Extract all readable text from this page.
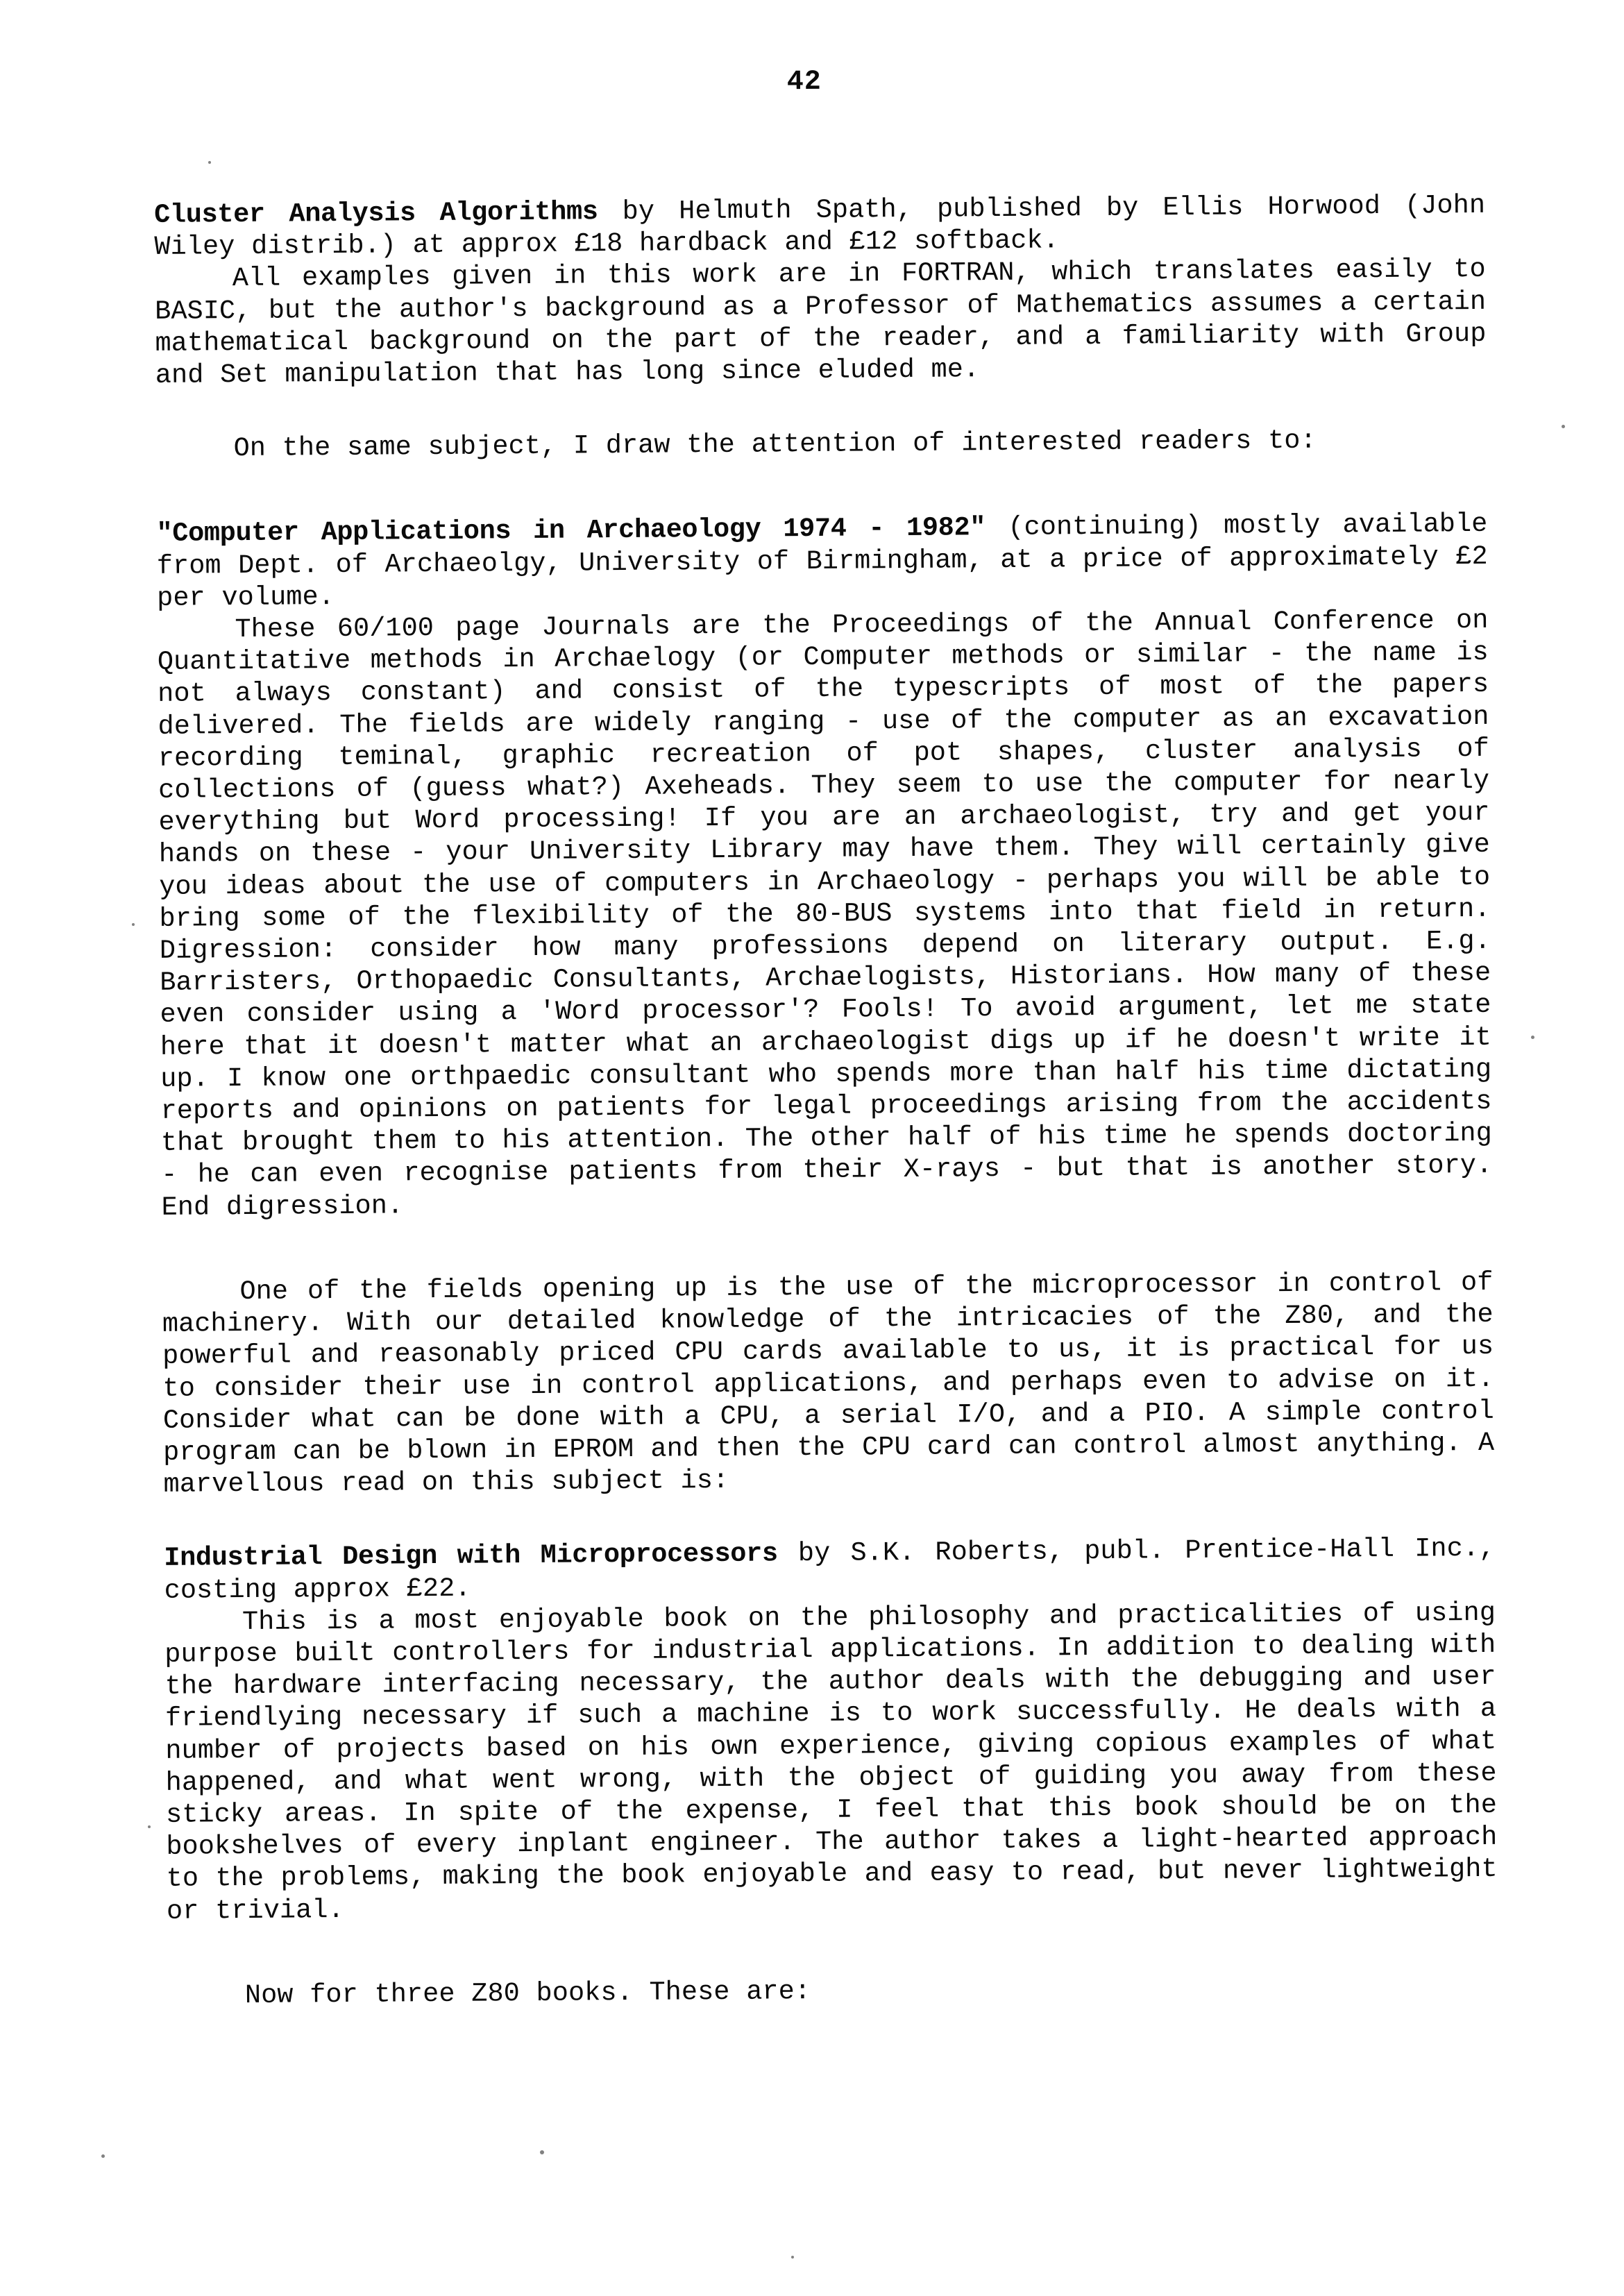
42

Cluster Analysis Algorithms by Helmuth Spath, published by Ellis Horwood (John Wiley distrib.) at approx £18 hardback and £12 softback.

All examples given in this work are in FORTRAN, which translates easily to BASIC, but the author's background as a Professor of Mathematics assumes a certain mathematical background on the part of the reader, and a familiarity with Group and Set manipulation that has long since eluded me.

On the same subject, I draw the attention of interested readers to:

"Computer Applications in Archaeology 1974 - 1982" (continuing) mostly available from Dept. of Archaeolgy, University of Birmingham, at a price of approximately £2 per volume.

These 60/100 page Journals are the Proceedings of the Annual Conference on Quantitative methods in Archaelogy (or Computer methods or similar - the name is not always constant) and consist of the typescripts of most of the papers delivered. The fields are widely ranging - use of the computer as an excavation recording teminal, graphic recreation of pot shapes, cluster analysis of collections of (guess what?) Axeheads. They seem to use the computer for nearly everything but Word processing! If you are an archaeologist, try and get your hands on these - your University Library may have them. They will certainly give you ideas about the use of computers in Archaeology - perhaps you will be able to bring some of the flexibility of the 80-BUS systems into that field in return. Digression: consider how many professions depend on literary output. E.g. Barristers, Orthopaedic Consultants, Archaelogists, Historians. How many of these even consider using a 'Word processor'? Fools! To avoid argument, let me state here that it doesn't matter what an archaeologist digs up if he doesn't write it up. I know one orthpaedic consultant who spends more than half his time dictating reports and opinions on patients for legal proceedings arising from the accidents that brought them to his attention. The other half of his time he spends doctoring - he can even recognise patients from their X-rays - but that is another story. End digression.

One of the fields opening up is the use of the microprocessor in control of machinery. With our detailed knowledge of the intricacies of the Z80, and the powerful and reasonably priced CPU cards available to us, it is practical for us to consider their use in control applications, and perhaps even to advise on it. Consider what can be done with a CPU, a serial I/O, and a PIO. A simple control program can be blown in EPROM and then the CPU card can control almost anything. A marvellous read on this subject is:

Industrial Design with Microprocessors by S.K. Roberts, publ. Prentice-Hall Inc., costing approx £22.

This is a most enjoyable book on the philosophy and practicalities of using purpose built controllers for industrial applications. In addition to dealing with the hardware interfacing necessary, the author deals with the debugging and user friendlying necessary if such a machine is to work successfully. He deals with a number of projects based on his own experience, giving copious examples of what happened, and what went wrong, with the object of guiding you away from these sticky areas. In spite of the expense, I feel that this book should be on the bookshelves of every inplant engineer. The author takes a light-hearted approach to the problems, making the book enjoyable and easy to read, but never lightweight or trivial.

Now for three Z80 books. These are:
